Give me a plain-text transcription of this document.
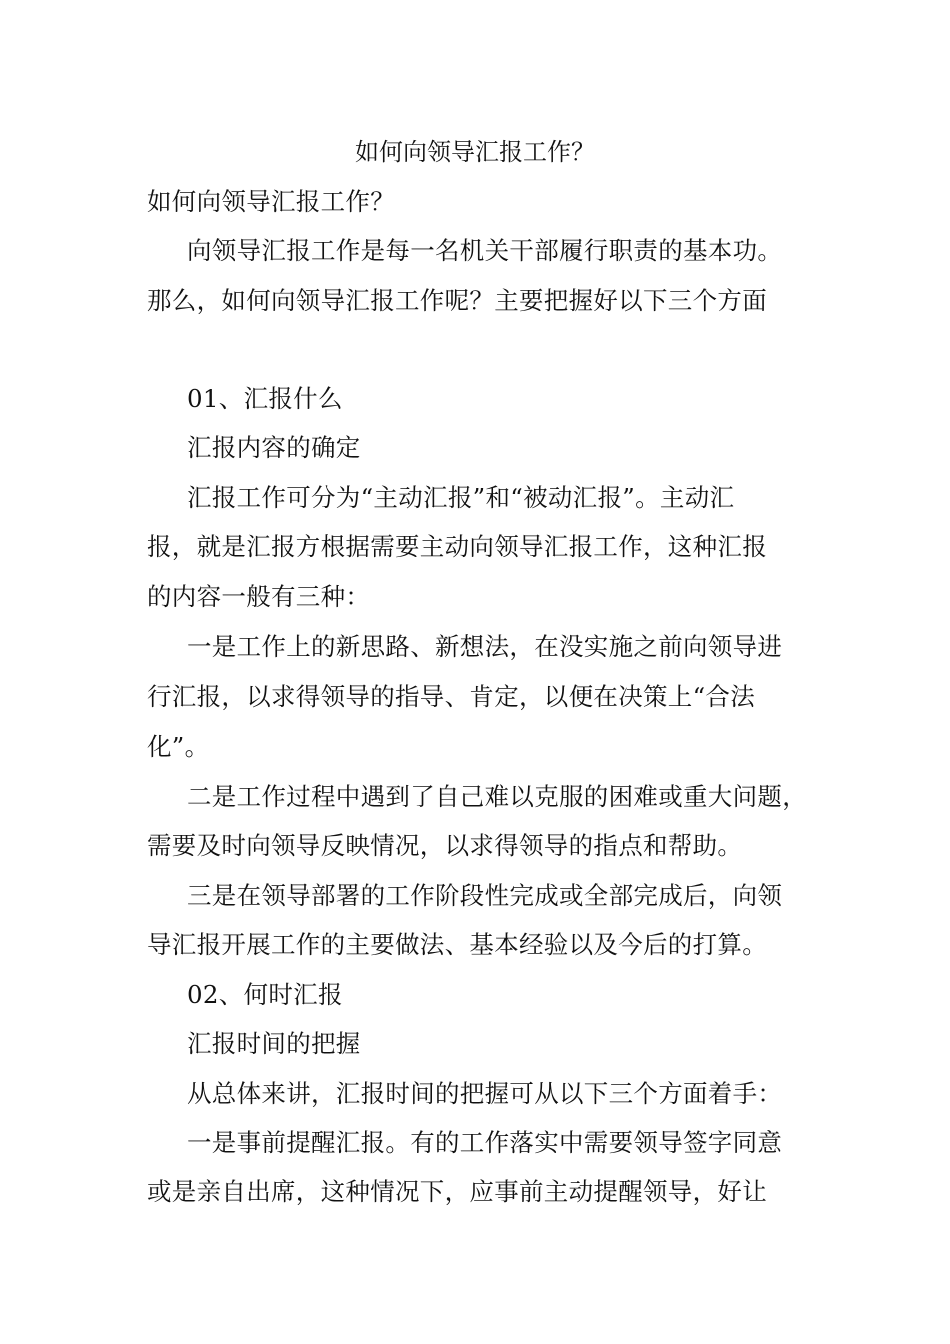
如何向领导汇报工作？
如何向领导汇报工作？
向领导汇报工作是每一名机关干部履行职责的基本功。
那么，如何向领导汇报工作呢？主要把握好以下三个方面
01、汇报什么
汇报内容的确定
汇报工作可分为“主动汇报”和“被动汇报”。主动汇
报，就是汇报方根据需要主动向领导汇报工作，这种汇报
的内容一般有三种：
一是工作上的新思路、新想法，在没实施之前向领导进
行汇报，以求得领导的指导、肯定，以便在决策上“合法
化”。
二是工作过程中遇到了自己难以克服的困难或重大问题，
需要及时向领导反映情况，以求得领导的指点和帮助。
三是在领导部署的工作阶段性完成或全部完成后，向领
导汇报开展工作的主要做法、基本经验以及今后的打算。
02、何时汇报
汇报时间的把握
从总体来讲，汇报时间的把握可从以下三个方面着手：
一是事前提醒汇报。有的工作落实中需要领导签字同意
或是亲自出席，这种情况下，应事前主动提醒领导，好让
